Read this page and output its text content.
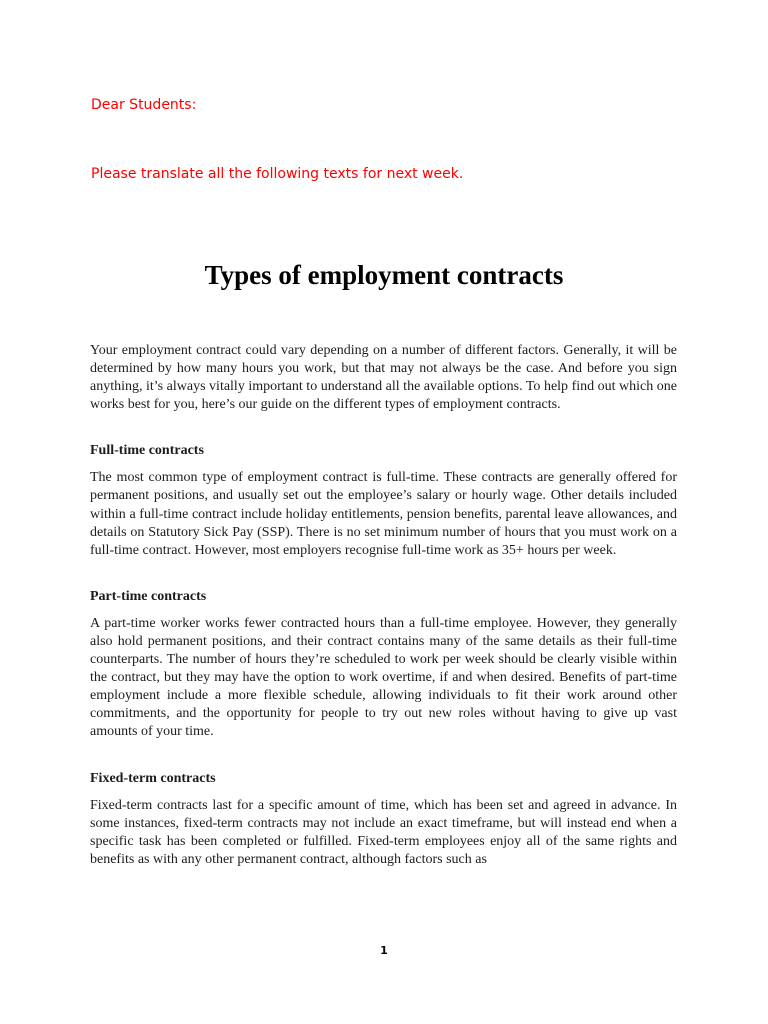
Dear Students:

Please translate all the following texts for next week.

Types of employment contracts

Your employment contract could vary depending on a number of different factors. Generally, it will be determined by how many hours you work, but that may not always be the case. And before you sign anything, it’s always vitally important to understand all the available options. To help find out which one works best for you, here’s our guide on the different types of employment contracts.

Full-time contracts

The most common type of employment contract is full-time. These contracts are generally offered for permanent positions, and usually set out the employee’s salary or hourly wage. Other details included within a full-time contract include holiday entitlements, pension benefits, parental leave allowances, and details on Statutory Sick Pay (SSP). There is no set minimum number of hours that you must work on a full-time contract. However, most employers recognise full-time work as 35+ hours per week.

Part-time contracts

A part-time worker works fewer contracted hours than a full-time employee. However, they generally also hold permanent positions, and their contract contains many of the same details as their full-time counterparts. The number of hours they’re scheduled to work per week should be clearly visible within the contract, but they may have the option to work overtime, if and when desired. Benefits of part-time employment include a more flexible schedule, allowing individuals to fit their work around other commitments, and the opportunity for people to try out new roles without having to give up vast amounts of your time.

Fixed-term contracts

Fixed-term contracts last for a specific amount of time, which has been set and agreed in advance. In some instances, fixed-term contracts may not include an exact timeframe, but will instead end when a specific task has been completed or fulfilled. Fixed-term employees enjoy all of the same rights and benefits as with any other permanent contract, although factors such as

1
